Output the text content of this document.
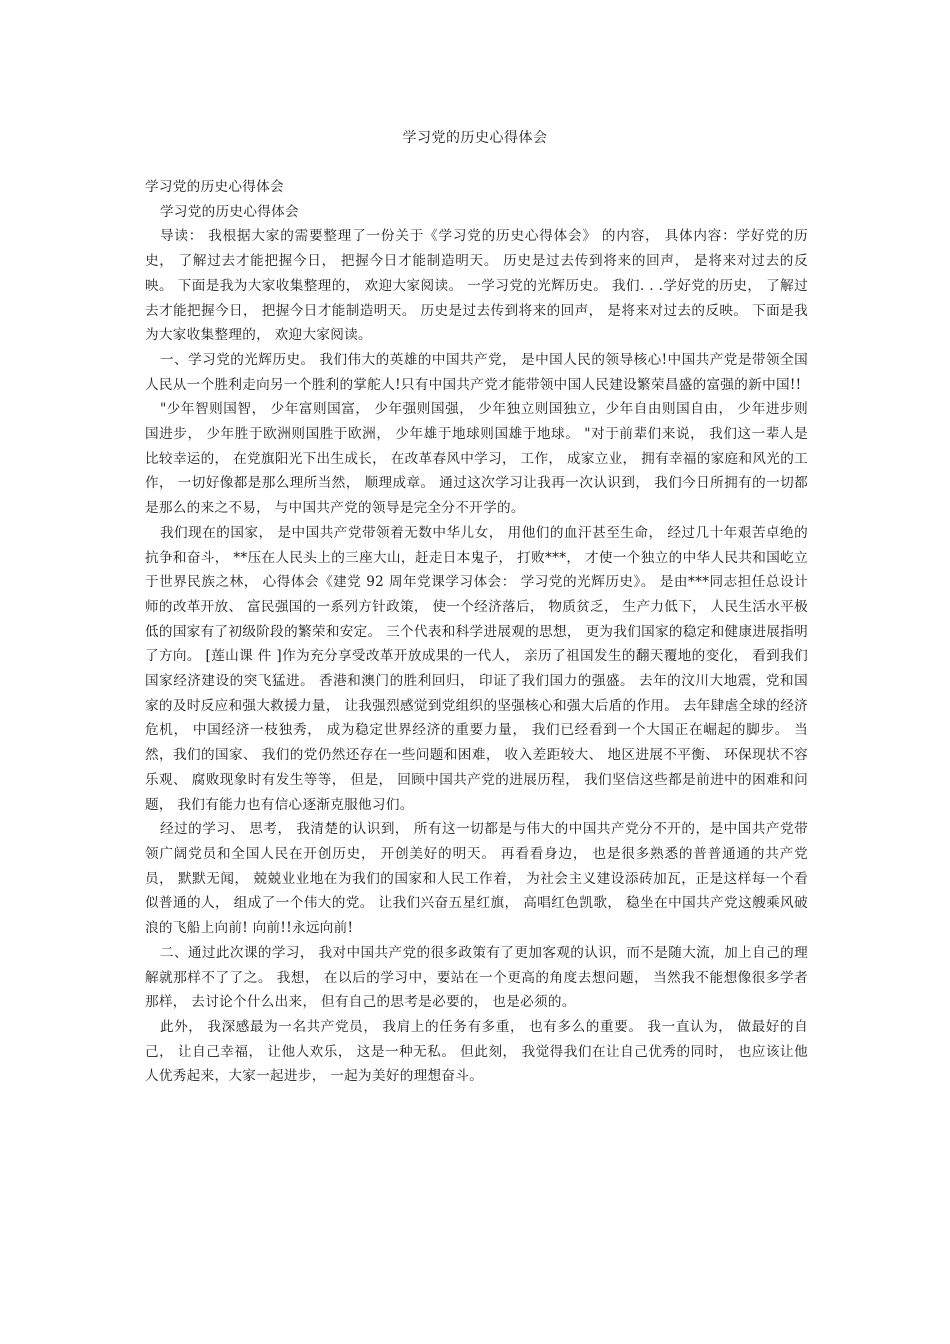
学习党的历史心得体会

学习党的历史心得体会

学习党的历史心得体会

导读： 我根据大家的需要整理了一份关于《学习党的历史心得体会》 的内容， 具体内容：学好党的历史， 了解过去才能把握今日， 把握今日才能制造明天。 历史是过去传到将来的回声， 是将来对过去的反映。 下面是我为大家收集整理的， 欢迎大家阅读。 一学习党的光辉历史。 我们. . .学好党的历史， 了解过去才能把握今日， 把握今日才能制造明天。 历史是过去传到将来的回声， 是将来对过去的反映。 下面是我为大家收集整理的， 欢迎大家阅读。

一、学习党的光辉历史。 我们伟大的英雄的中国共产党， 是中国人民的领导核心!中国共产党是带领全国人民从一个胜利走向另一个胜利的掌舵人!只有中国共产党才能带领中国人民建设繁荣昌盛的富强的新中国!!

"少年智则国智， 少年富则国富， 少年强则国强， 少年独立则国独立，少年自由则国自由， 少年进步则国进步， 少年胜于欧洲则国胜于欧洲， 少年雄于地球则国雄于地球。 "对于前辈们来说， 我们这一辈人是比较幸运的， 在党旗阳光下出生成长， 在改革春风中学习， 工作， 成家立业， 拥有幸福的家庭和风光的工作， 一切好像都是那么理所当然， 顺理成章。 通过这次学习让我再一次认识到， 我们今日所拥有的一切都是那么的来之不易， 与中国共产党的领导是完全分不开学的。

我们现在的国家， 是中国共产党带领着无数中华儿女， 用他们的血汗甚至生命， 经过几十年艰苦卓绝的抗争和奋斗， **压在人民头上的三座大山，赶走日本鬼子， 打败***， 才使一个独立的中华人民共和国屹立于世界民族之林， 心得体会《建党 92 周年党课学习体会： 学习党的光辉历史》。 是由***同志担任总设计师的改革开放、 富民强国的一系列方针政策， 使一个经济落后， 物质贫乏， 生产力低下， 人民生活水平极低的国家有了初级阶段的繁荣和安定。 三个代表和科学进展观的思想， 更为我们国家的稳定和健康进展指明了方向。 [莲山课 件 ]作为充分享受改革开放成果的一代人， 亲历了祖国发生的翻天覆地的变化， 看到我们国家经济建设的突飞猛进。 香港和澳门的胜利回归， 印证了我们国力的强盛。 去年的汶川大地震，党和国家的及时反应和强大救援力量， 让我强烈感觉到党组织的坚强核心和强大后盾的作用。 去年肆虐全球的经济危机， 中国经济一枝独秀， 成为稳定世界经济的重要力量， 我们已经看到一个大国正在崛起的脚步。 当然，我们的国家、 我们的党仍然还存在一些问题和困难， 收入差距较大、 地区进展不平衡、 环保现状不容乐观、 腐败现象时有发生等等， 但是， 回顾中国共产党的进展历程， 我们坚信这些都是前进中的困难和问题， 我们有能力也有信心逐渐克服他习们。

经过的学习、 思考， 我清楚的认识到， 所有这一切都是与伟大的中国共产党分不开的，是中国共产党带领广阔党员和全国人民在开创历史， 开创美好的明天。 再看看身边， 也是很多熟悉的普普通通的共产党员， 默默无闻， 兢兢业业地在为我们的国家和人民工作着， 为社会主义建设添砖加瓦，正是这样每一个看似普通的人， 组成了一个伟大的党。 让我们兴奋五星红旗， 高唱红色凯歌， 稳坐在中国共产党这艘乘风破浪的飞船上向前! 向前!!永远向前!

二、通过此次课的学习， 我对中国共产党的很多政策有了更加客观的认识，而不是随大流，加上自己的理解就那样不了了之。 我想， 在以后的学习中，要站在一个更高的角度去想问题， 当然我不能想像很多学者那样， 去讨论个什么出来， 但有自己的思考是必要的， 也是必须的。

此外， 我深感最为一名共产党员， 我肩上的任务有多重， 也有多么的重要。 我一直认为， 做最好的自己， 让自己幸福， 让他人欢乐， 这是一种无私。 但此刻， 我觉得我们在让自己优秀的同时， 也应该让他人优秀起来，大家一起进步， 一起为美好的理想奋斗。
